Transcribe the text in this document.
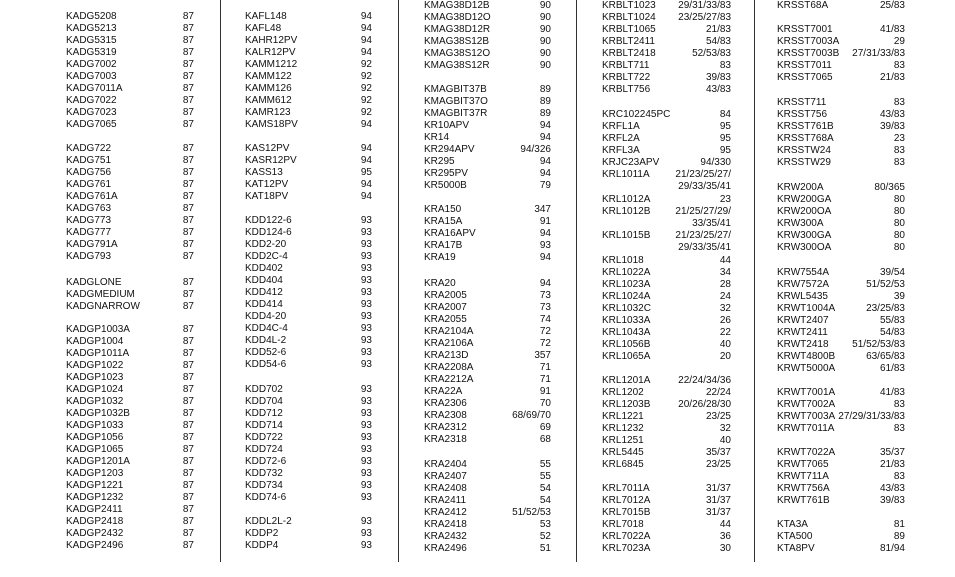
KADG5208	87
KADG5213	87
KADG5315	87
KADG5319	87
KADG7002	87
KADG7003	87
KADG7011A	87
KADG7022	87
KADG7023	87
KADG7065	87
KADG722	87
KADG751	87
KADG756	87
KADG761	87
KADG761A	87
KADG763	87
KADG773	87
KADG777	87
KADG791A	87
KADG793	87
KADGLONE	87
KADGMEDIUM	87
KADGNARROW	87
KADGP1003A	87
KADGP1004	87
KADGP1011A	87
KADGP1022	87
KADGP1023	87
KADGP1024	87
KADGP1032	87
KADGP1032B	87
KADGP1033	87
KADGP1056	87
KADGP1065	87
KADGP1201A	87
KADGP1203	87
KADGP1221	87
KADGP1232	87
KADGP2411	87
KADGP2418	87
KADGP2432	87
KADGP2496	87
KAFL148	94
KAFL48	94
KAHR12PV	94
KALR12PV	94
KAMM1212	92
KAMM122	92
KAMM126	92
KAMM612	92
KAMR123	92
KAMS18PV	94
KAS12PV	94
KASR12PV	94
KASS13	95
KAT12PV	94
KAT18PV	94
KDD122-6	93
KDD124-6	93
KDD2-20	93
KDD2C-4	93
KDD402	93
KDD404	93
KDD412	93
KDD414	93
KDD4-20	93
KDD4C-4	93
KDD4L-2	93
KDD52-6	93
KDD54-6	93
KDD702	93
KDD704	93
KDD712	93
KDD714	93
KDD722	93
KDD724	93
KDD72-6	93
KDD732	93
KDD734	93
KDD74-6	93
KDDL2L-2	93
KDDP2	93
KDDP4	93
KMAG38D12B	90
KMAG38D12O	90
KMAG38D12R	90
KMAG38S12B	90
KMAG38S12O	90
KMAG38S12R	90
KMAGBIT37B	89
KMAGBIT37O	89
KMAGBIT37R	89
KR10APV	94
KR14	94
KR294APV	94/326
KR295	94
KR295PV	94
KR5000B	79
KRA150	347
KRA15A	91
KRA16APV	94
KRA17B	93
KRA19	94
KRA20	94
KRA2005	73
KRA2007	73
KRA2055	74
KRA2104A	72
KRA2106A	72
KRA213D	357
KRA2208A	71
KRA2212A	71
KRA22A	91
KRA2306	70
KRA2308	68/69/70
KRA2312	69
KRA2318	68
KRA2404	55
KRA2407	55
KRA2408	54
KRA2411	54
KRA2412	51/52/53
KRA2418	53
KRA2432	52
KRA2496	51
KRBLT1023 29/31/33/83
KRBLT1024 23/25/27/83
KRBLT1065	21/83
KRBLT2411	54/83
KRBLT2418	52/53/83
KRBLT711	83
KRBLT722	39/83
KRBLT756	43/83
KRC102245PC	84
KRFL1A	95
KRFL2A	95
KRFL3A	95
KRJC23APV	94/330
KRL1011A	21/23/25/27/
29/33/35/41
KRL1012A	23
KRL1012B	21/25/27/29/
33/35/41
KRL1015B	21/23/25/27/
29/33/35/41
KRL1018	44
KRL1022A	34
KRL1023A	28
KRL1024A	24
KRL1032C	32
KRL1033A	26
KRL1043A	22
KRL1056B	40
KRL1065A	20
KRL1201A	22/24/34/36
KRL1202	22/24
KRL1203B	20/26/28/30
KRL1221	23/25
KRL1232	32
KRL1251	40
KRL5445	35/37
KRL6845	23/25
KRL7011A	31/37
KRL7012A	31/37
KRL7015B	31/37
KRL7018	44
KRL7022A	36
KRL7023A	30
KRSST68A	25/83
KRSST7001	41/83
KRSST7003A	29
KRSST7003B 27/31/33/83
KRSST7011	83
KRSST7065	21/83
KRSST711	83
KRSST756	43/83
KRSST761B	39/83
KRSST768A	23
KRSSTW24	83
KRSSTW29	83
KRW200A	80/365
KRW200GA	80
KRW200OA	80
KRW300A	80
KRW300GA	80
KRW300OA	80
KRW7554A	39/54
KRW7572A	51/52/53
KRWL5435	39
KRWT1004A	23/25/83
KRWT2407	55/83
KRWT2411	54/83
KRWT2418 51/52/53/83
KRWT4800B	63/65/83
KRWT5000A	61/83
KRWT7001A	41/83
KRWT7002A	83
KRWT7003A 27/29/31/33/83
KRWT7011A	83
KRWT7022A	35/37
KRWT7065	21/83
KRWT711A	83
KRWT756A	43/83
KRWT761B	39/83
KTA3A	81
KTA500	89
KTA8PV	81/94
